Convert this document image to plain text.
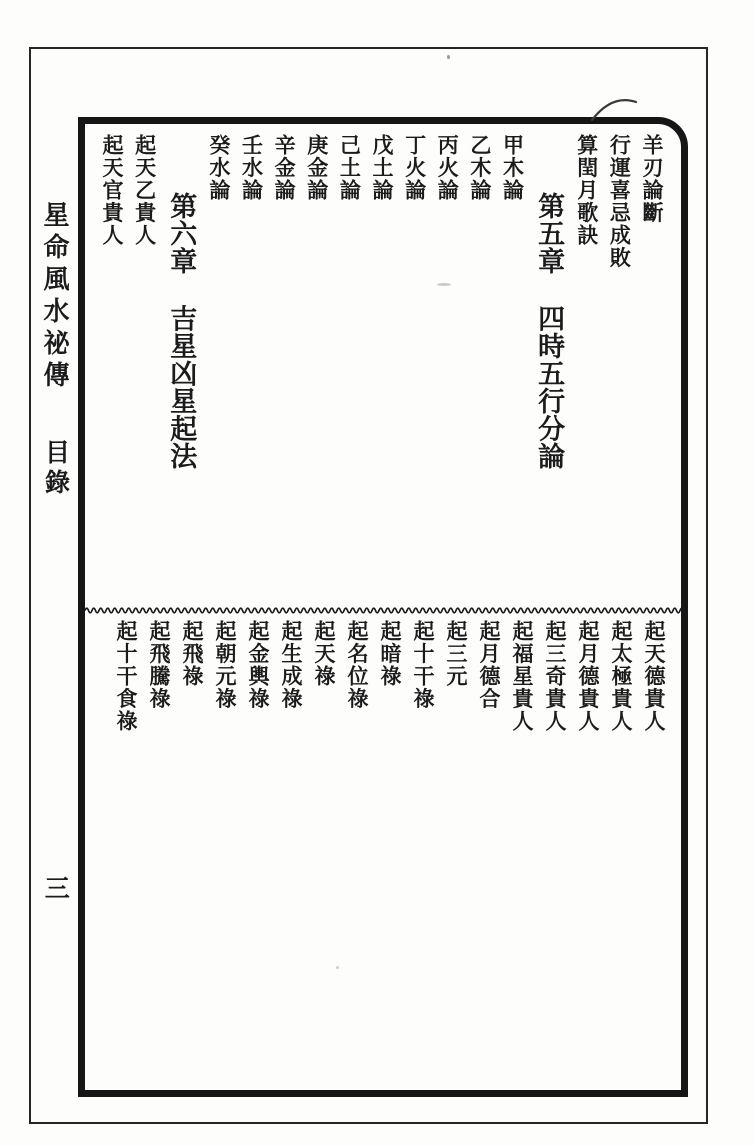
星命風水祕傳
目錄
三
羊刃論斷
行運喜忌成敗
算閏月歌訣
第五章四時五行分論
甲木論
乙木論
丙火論
丁火論
戊土論
己土論
庚金論
辛金論
壬水論
癸水論
第六章吉星凶星起法
起天乙貴人
起天官貴人
起天德貴人
起太極貴人
起月德貴人
起三奇貴人
起福星貴人
起月德合
起三元
起十干祿
起暗祿
起名位祿
起天祿
起生成祿
起金輿祿
起朝元祿
起飛祿
起飛騰祿
起十干食祿
